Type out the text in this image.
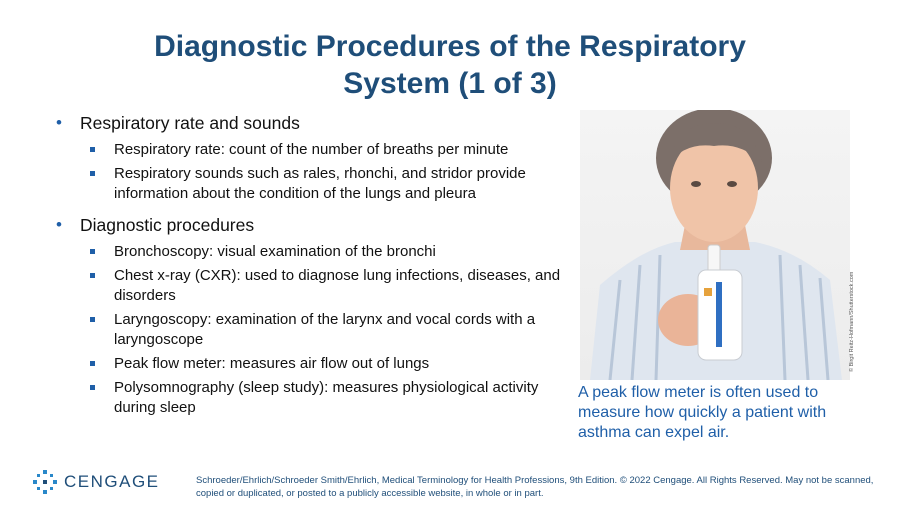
Diagnostic Procedures of the Respiratory
System (1 of 3)
• Respiratory rate and sounds
Respiratory rate: count of the number of breaths per minute
Respiratory sounds such as rales, rhonchi, and stridor provide information about the condition of the lungs and pleura
• Diagnostic procedures
Bronchoscopy: visual examination of the bronchi
Chest x-ray (CXR): used to diagnose lung infections, diseases, and disorders
Laryngoscopy: examination of the larynx and vocal cords with a laryngoscope
Peak flow meter: measures air flow out of lungs
Polysomnography (sleep study): measures physiological activity during sleep
© Birgit Reitz-Hofmann/Shutterstock.com
A peak flow meter is often used to measure how quickly a patient with asthma can expel air.
CENGAGE	Schroeder/Ehrlich/Schroeder Smith/Ehrlich, Medical Terminology for Health Professions, 9th Edition. © 2022 Cengage. All Rights Reserved. May not be scanned, copied or duplicated, or posted to a publicly accessible website, in whole or in part.
